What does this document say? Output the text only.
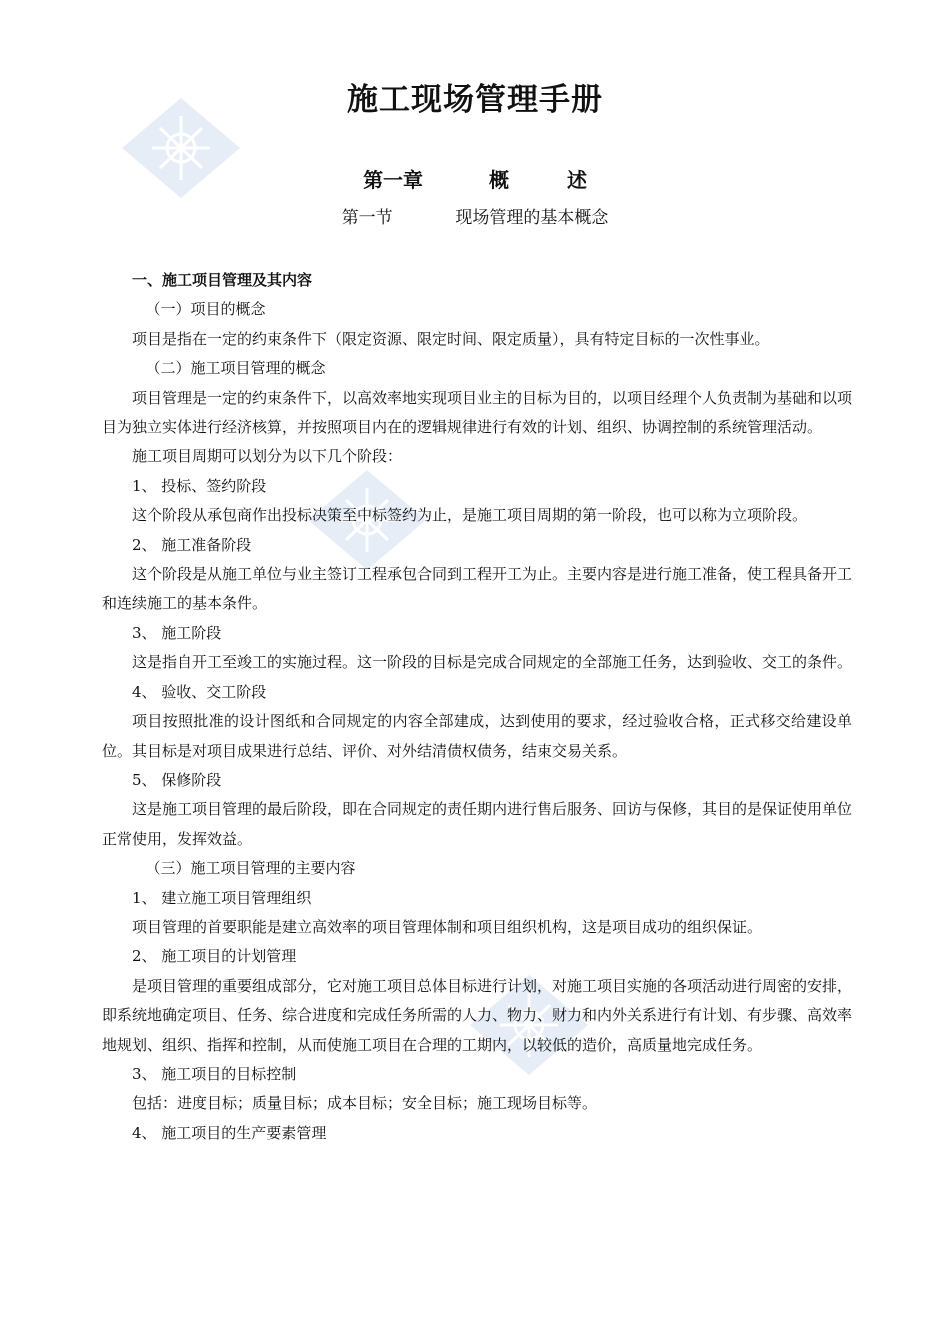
施工现场管理手册
第一章	概	述
第一节	现场管理的基本概念

一、施工项目管理及其内容

（一）项目的概念

项目是指在一定的约束条件下（限定资源、限定时间、限定质量），具有特定目标的一次性事业。

（二）施工项目管理的概念

项目管理是一定的约束条件下，以高效率地实现项目业主的目标为目的，以项目经理个人负责制为基础和以项目为独立实体进行经济核算，并按照项目内在的逻辑规律进行有效的计划、组织、协调控制的系统管理活动。

施工项目周期可以划分为以下几个阶段：

1、 投标、签约阶段

这个阶段从承包商作出投标决策至中标签约为止，是施工项目周期的第一阶段，也可以称为立项阶段。

2、 施工准备阶段

这个阶段是从施工单位与业主签订工程承包合同到工程开工为止。主要内容是进行施工准备，使工程具备开工和连续施工的基本条件。

3、 施工阶段

这是指自开工至竣工的实施过程。这一阶段的目标是完成合同规定的全部施工任务，达到验收、交工的条件。

4、 验收、交工阶段

项目按照批准的设计图纸和合同规定的内容全部建成，达到使用的要求，经过验收合格，正式移交给建设单位。其目标是对项目成果进行总结、评价、对外结清债权债务，结束交易关系。

5、 保修阶段

这是施工项目管理的最后阶段，即在合同规定的责任期内进行售后服务、回访与保修，其目的是保证使用单位正常使用，发挥效益。

（三）施工项目管理的主要内容

1、 建立施工项目管理组织

项目管理的首要职能是建立高效率的项目管理体制和项目组织机构，这是项目成功的组织保证。

2、 施工项目的计划管理

是项目管理的重要组成部分，它对施工项目总体目标进行计划，对施工项目实施的各项活动进行周密的安排，即系统地确定项目、任务、综合进度和完成任务所需的人力、物力、财力和内外关系进行有计划、有步骤、高效率地规划、组织、指挥和控制，从而使施工项目在合理的工期内，以较低的造价，高质量地完成任务。

3、 施工项目的目标控制

包括：进度目标；质量目标；成本目标；安全目标；施工现场目标等。

4、 施工项目的生产要素管理
